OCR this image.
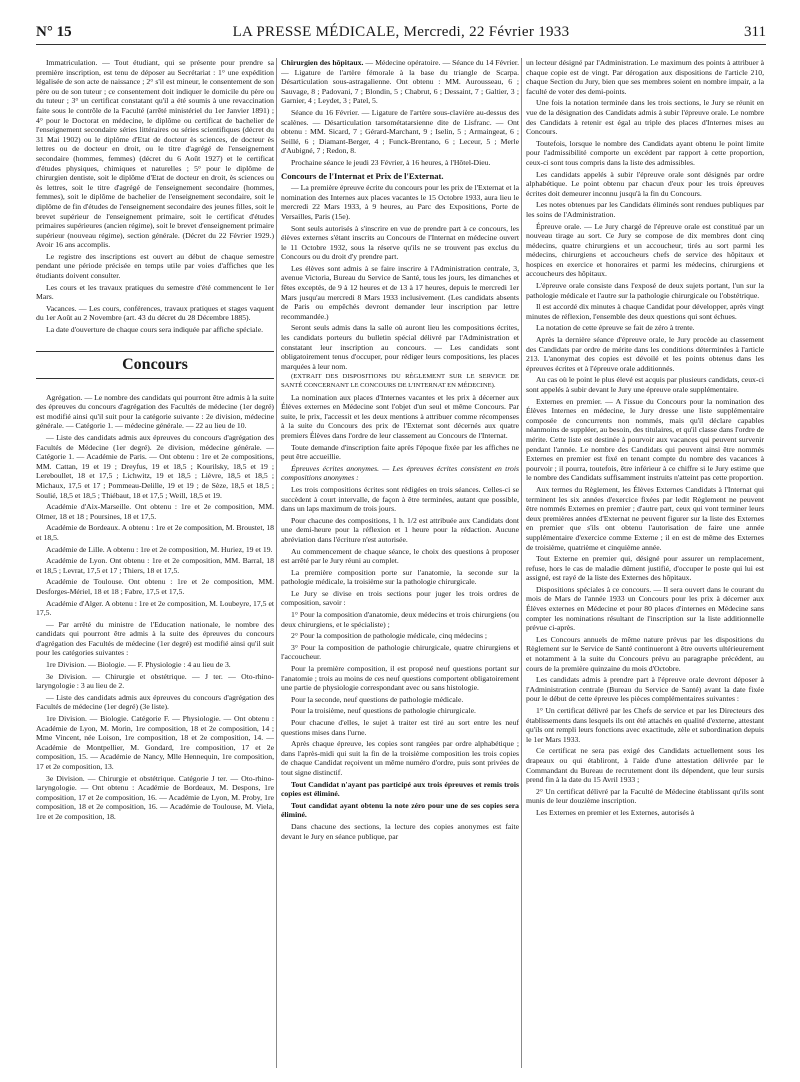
N° 15	LA PRESSE MÉDICALE, Mercredi, 22 Février 1933	311

Immatriculation. — Tout étudiant, qui se présente pour prendre sa première inscription, est tenu de déposer au Secrétariat : 1° une expédition légalisée de son acte de naissance ; 2° s'il est mineur, le consentement de son père ou de son tuteur ; ce consentement doit indiquer le domicile du père ou du tuteur ; 3° un certificat constatant qu'il a été soumis à une revaccination faite sous le contrôle de la Faculté (arrêté ministériel du 1er Janvier 1891) ; 4° pour le Doctorat en médecine, le diplôme ou certificat de bachelier de l'enseignement secondaire séries littéraires ou séries scientifiques (décret du 31 Mai 1902) ou le diplôme d'Etat de docteur ès sciences, de docteur ès lettres ou de docteur en droit, ou le titre d'agrégé de l'enseignement secondaire (hommes, femmes) (décret du 6 Août 1927) et le certificat d'études physiques, chimiques et naturelles ; 5° pour le diplôme de chirurgien dentiste, soit le diplôme d'Etat de docteur en droit, ès sciences ou ès lettres, soit le titre d'agrégé de l'enseignement secondaire (hommes, femmes), soit le diplôme de bachelier de l'enseignement secondaire, soit le diplôme de fin d'études de l'enseignement secondaire des jeunes filles, soit le brevet supérieur de l'enseignement primaire, soit le certificat d'études primaires supérieures (ancien régime), soit le brevet d'enseignement primaire supérieur (nouveau régime), section générale. (Décret du 22 Février 1929.) Avoir 16 ans accomplis.

Le registre des inscriptions est ouvert au début de chaque semestre pendant une période précisée en temps utile par voies d'affiches que les étudiants doivent consulter.

Les cours et les travaux pratiques du semestre d'été commencent le 1er Mars.

Vacances. — Les cours, conférences, travaux pratiques et stages vaquent du 1er Août au 2 Novembre (art. 43 du décret du 28 Décembre 1885).

La date d'ouverture de chaque cours sera indiquée par affiche spéciale.

Concours

Agrégation. — Le nombre des candidats qui pourront être admis à la suite des épreuves du concours d'agrégation des Facultés de médecine (1er degré) est modifié ainsi qu'il suit pour la catégorie suivante : 2e division, médecine générale. — Catégorie 1. — médecine générale. — 22 au lieu de 10.

— Liste des candidats admis aux épreuves du concours d'agrégation des Facultés de Médecine (1er degré). 2e division, médecine générale. — Catégorie 1. — Académie de Paris. — Ont obtenu : 1re et 2e compositions, MM. Cattan, 19 et 19 ; Dreyfus, 19 et 18,5 ; Kourilsky, 18,5 et 19 ; Lereboullet, 18 et 17,5 ; Lichwitz, 19 et 18,5 ; Lièvre, 18,5 et 18,5 ; Michaux, 17,5 et 17 ; Pommeau-Delille, 19 et 19 ; de Sèze, 18,5 et 18,5 ; Soulié, 18,5 et 18,5 ; Thiébaut, 18 et 17,5 ; Weill, 18,5 et 19.

Académie d'Aix-Marseille. Ont obtenu : 1re et 2e composition, MM. Olmer, 18 et 18 ; Poursines, 18 et 17,5.

Académie de Bordeaux. A obtenu : 1re et 2e composition, M. Broustet, 18 et 18,5.

Académie de Lille. A obtenu : 1re et 2e composition, M. Huriez, 19 et 19.

Académie de Lyon. Ont obtenu : 1re et 2e composition, MM. Barral, 18 et 18,5 ; Levrat, 17,5 et 17 ; Thiers, 18 et 17,5.

Académie de Toulouse. Ont obtenu : 1re et 2e composition, MM. Desforges-Mériel, 18 et 18 ; Fabre, 17,5 et 17,5.

Académie d'Alger. A obtenu : 1re et 2e composition, M. Loubeyre, 17,5 et 17,5.

— Par arrêté du ministre de l'Education nationale, le nombre des candidats qui pourront être admis à la suite des épreuves du concours d'agrégation des Facultés de médecine (1er degré) est modifié ainsi qu'il suit pour les catégories suivantes :

1re Division. — Biologie. — F. Physiologie : 4 au lieu de 3.

3e Division. — Chirurgie et obstétrique. — J ter. — Oto-rhino-laryngologie : 3 au lieu de 2.

— Liste des candidats admis aux épreuves du concours d'agrégation des Facultés de médecine (1er degré) (3e liste).

1re Division. — Biologie. Catégorie F. — Physiologie. — Ont obtenu : Académie de Lyon, M. Morin, 1re composition, 18 et 2e composition, 14 ; Mme Vincent, née Loison, 1re composition, 18 et 2e composition, 14. — Académie de Montpellier, M. Gondard, 1re composition, 17 et 2e composition, 15. — Académie de Nancy, Mlle Hennequin, 1re composition, 17 et 2e composition, 13.

3e Division. — Chirurgie et obstétrique. Catégorie J ter. — Oto-rhino-laryngologie. — Ont obtenu : Académie de Bordeaux, M. Despons, 1re composition, 17 et 2e composition, 16. — Académie de Lyon, M. Proby, 1re composition, 18 et 2e composition, 16. — Académie de Toulouse, M. Viela, 1re et 2e composition, 18.

Chirurgien des hôpitaux. — Médecine opératoire. — Séance du 14 Février. — Ligature de l'artère fémorale à la base du triangle de Scarpa. Désarticulation sous-astragalienne. Ont obtenu : MM. Aurousseau, 6 ; Sauvage, 8 ; Padovani, 7 ; Blondin, 5 ; Chabrut, 6 ; Dessaint, 7 ; Galtier, 3 ; Garnier, 4 ; Leydet, 3 ; Patel, 5.

Séance du 16 Février. — Ligature de l'artère sous-clavière au-dessus des scalènes. — Désarticulation tarsométatarsienne dite de Lisfranc. — Ont obtenu : MM. Sicard, 7 ; Gérard-Marchant, 9 ; Iselin, 5 ; Armaingeat, 6 ; Seillé, 6 ; Diamant-Berger, 4 ; Funck-Brentano, 6 ; Leceur, 5 ; Merle d'Aubigné, 7 ; Redon, 8.

Prochaine séance le jeudi 23 Février, à 16 heures, à l'Hôtel-Dieu.

Concours de l'Internat et Prix de l'Externat.

— La première épreuve écrite du concours pour les prix de l'Externat et la nomination des Internes aux places vacantes le 15 Octobre 1933, aura lieu le mercredi 22 Mars 1933, à 9 heures, au Parc des Expositions, Porte de Versailles, Paris (15e).

Sont seuls autorisés à s'inscrire en vue de prendre part à ce concours, les élèves externes s'étant inscrits au Concours de l'Internat en médecine ouvert le 11 Octobre 1932, sous la réserve qu'ils ne se trouvent pas exclus du Concours ou du droit d'y prendre part.

Les élèves sont admis à se faire inscrire à l'Administration centrale, 3, avenue Victoria, Bureau du Service de Santé, tous les jours, les dimanches et fêtes exceptés, de 9 à 12 heures et de 13 à 17 heures, depuis le mercredi 1er Mars jusqu'au mercredi 8 Mars 1933 inclusivement. (Les candidats absents de Paris ou empêchés devront demander leur inscription par lettre recommandée.)

Seront seuls admis dans la salle où auront lieu les compositions écrites, les candidats porteurs du bulletin spécial délivré par l'Administration et constatant leur inscription au concours. — Les candidats sont obligatoirement tenus d'occuper, pour rédiger leurs compositions, les places marquées à leur nom.

(EXTRAIT DES DISPOSITIONS DU RÈGLEMENT SUR LE SERVICE DE SANTÉ CONCERNANT LE CONCOURS DE L'INTERNAT EN MÉDECINE).

La nomination aux places d'Internes vacantes et les prix à décerner aux Élèves externes en Médecine sont l'objet d'un seul et même Concours. Par suite, le prix, l'accessit et les deux mentions à attribuer comme récompenses à la suite du Concours des prix de l'Externat sont décernés aux quatre premiers Élèves dans l'ordre de leur classement au Concours de l'Internat.

Toute demande d'inscription faite après l'époque fixée par les affiches ne peut être accueillie.

Épreuves écrites anonymes. — Les épreuves écrites consistent en trois compositions anonymes :

Les trois compositions écrites sont rédigées en trois séances. Celles-ci se succèdent à court intervalle, de façon à être terminées, autant que possible, dans un laps maximum de trois jours.

Pour chacune des compositions, 1 h. 1/2 est attribuée aux Candidats dont une demi-heure pour la réflexion et 1 heure pour la rédaction. Aucune abréviation dans l'écriture n'est autorisée.

Au commencement de chaque séance, le choix des questions à proposer est arrêté par le Jury réuni au complet.

La première composition porte sur l'anatomie, la seconde sur la pathologie médicale, la troisième sur la pathologie chirurgicale.

Le Jury se divise en trois sections pour juger les trois ordres de composition, savoir :

1° Pour la composition d'anatomie, deux médecins et trois chirurgiens (ou deux chirurgiens, et le spécialiste) ;

2° Pour la composition de pathologie médicale, cinq médecins ;

3° Pour la composition de pathologie chirurgicale, quatre chirurgiens et l'accoucheur.

Pour la première composition, il est proposé neuf questions portant sur l'anatomie ; trois au moins de ces neuf questions comportent obligatoirement une partie de physiologie correspondant avec ou sans histologie.

Pour la seconde, neuf questions de pathologie médicale.

Pour la troisième, neuf questions de pathologie chirurgicale.

Pour chacune d'elles, le sujet à traiter est tiré au sort entre les neuf questions mises dans l'urne.

Après chaque épreuve, les copies sont rangées par ordre alphabétique ; dans l'après-midi qui suit la fin de la troisième composition les trois copies de chaque Candidat reçoivent un même numéro d'ordre, puis sont privées de tout signe distinctif.

Tout Candidat n'ayant pas participé aux trois épreuves et remis trois copies est éliminé.

Tout candidat ayant obtenu la note zéro pour une de ses copies sera éliminé.

Dans chacune des sections, la lecture des copies anonymes est faite devant le Jury en séance publique, par

un lecteur désigné par l'Administration. Le maximum des points à attribuer à chaque copie est de vingt. Par dérogation aux dispositions de l'article 210, chaque Section du Jury, bien que ses membres soient en nombre impair, a la faculté de voter des demi-points.

Une fois la notation terminée dans les trois sections, le Jury se réunit en vue de la désignation des Candidats admis à subir l'épreuve orale. Le nombre des Candidats à retenir est égal au triple des places d'Internes mises au Concours.

Toutefois, lorsque le nombre des Candidats ayant obtenu le point limite pour l'admissibilité comporte un excédent par rapport à cette proportion, ceux-ci sont tous compris dans la liste des admissibles.

Les candidats appelés à subir l'épreuve orale sont désignés par ordre alphabétique. Le point obtenu par chacun d'eux pour les trois épreuves écrites doit demeurer inconnu jusqu'à la fin du Concours.

Les notes obtenues par les Candidats éliminés sont rendues publiques par les soins de l'Administration.

Épreuve orale. — Le Jury chargé de l'épreuve orale est constitué par un nouveau tirage au sort. Ce Jury se compose de dix membres dont cinq médecins, quatre chirurgiens et un accoucheur, tirés au sort parmi les médecins, chirurgiens et accoucheurs chefs de service des hôpitaux et hospices en exercice et honoraires et parmi les médecins, chirurgiens et accoucheurs des hôpitaux.

L'épreuve orale consiste dans l'exposé de deux sujets portant, l'un sur la pathologie médicale et l'autre sur la pathologie chirurgicale ou l'obstétrique.

Il est accordé dix minutes à chaque Candidat pour développer, après vingt minutes de réflexion, l'ensemble des deux questions qui sont échues.

La notation de cette épreuve se fait de zéro à trente.

Après la dernière séance d'épreuve orale, le Jury procède au classement des Candidats par ordre de mérite dans les conditions déterminées à l'article 213. L'anonymat des copies est dévoilé et les points obtenus dans les épreuves écrites et à l'épreuve orale additionnés.

Au cas où le point le plus élevé est acquis par plusieurs candidats, ceux-ci sont appelés à subir devant le Jury une épreuve orale supplémentaire.

Externes en premier. — A l'issue du Concours pour la nomination des Élèves Internes en médecine, le Jury dresse une liste supplémentaire composée de concurrents non nommés, mais qu'il déclare capables néanmoins de suppléer, au besoin, des titulaires, et qu'il classe dans l'ordre de mérite. Cette liste est destinée à pourvoir aux vacances qui peuvent survenir pendant l'année. Le nombre des Candidats qui peuvent ainsi être nommés Externes en premier est fixé en tenant compte du nombre des vacances à pourvoir ; il pourra, toutefois, être inférieur à ce chiffre si le Jury estime que le nombre des Candidats suffisamment instruits n'atteint pas cette proportion.

Aux termes du Règlement, les Élèves Externes Candidats à l'Internat qui terminent les six années d'exercice fixées par ledit Règlement ne peuvent être nommés Externes en premier ; d'autre part, ceux qui vont terminer leurs deux premières années d'Externat ne peuvent figurer sur la liste des Externes en premier que s'ils ont obtenu l'autorisation de faire une année supplémentaire d'exercice comme Externe ; il en est de même des Externes de troisième, quatrième et cinquième année.

Tout Externe en premier qui, désigné pour assurer un remplacement, refuse, hors le cas de maladie dûment justifié, d'occuper le poste qui lui est assigné, est rayé de la liste des Externes des hôpitaux.

Dispositions spéciales à ce concours. — Il sera ouvert dans le courant du mois de Mars de l'année 1933 un Concours pour les prix à décerner aux Élèves externes en Médecine et pour 80 places d'internes en Médecine sans compter les nominations résultant de l'inscription sur la liste additionnelle prévue ci-après.

Les Concours annuels de même nature prévus par les dispositions du Règlement sur le Service de Santé continueront à être ouverts ultérieurement et notamment à la suite du Concours prévu au paragraphe précédent, au cours de la première quinzaine du mois d'Octobre.

Les candidats admis à prendre part à l'épreuve orale devront déposer à l'Administration centrale (Bureau du Service de Santé) avant la date fixée pour le début de cette épreuve les pièces complémentaires suivantes :

1° Un certificat délivré par les Chefs de service et par les Directeurs des établissements dans lesquels ils ont été attachés en qualité d'externe, attestant qu'ils ont rempli leurs fonctions avec exactitude, zèle et subordination depuis le 1er Mars 1933.

Ce certificat ne sera pas exigé des Candidats actuellement sous les drapeaux ou qui établiront, à l'aide d'une attestation délivrée par le Commandant du Bureau de recrutement dont ils dépendent, que leur sursis prend fin à la date du 15 Avril 1933 ;

2° Un certificat délivré par la Faculté de Médecine établissant qu'ils sont munis de leur douzième inscription.

Les Externes en premier et les Externes, autorisés à
